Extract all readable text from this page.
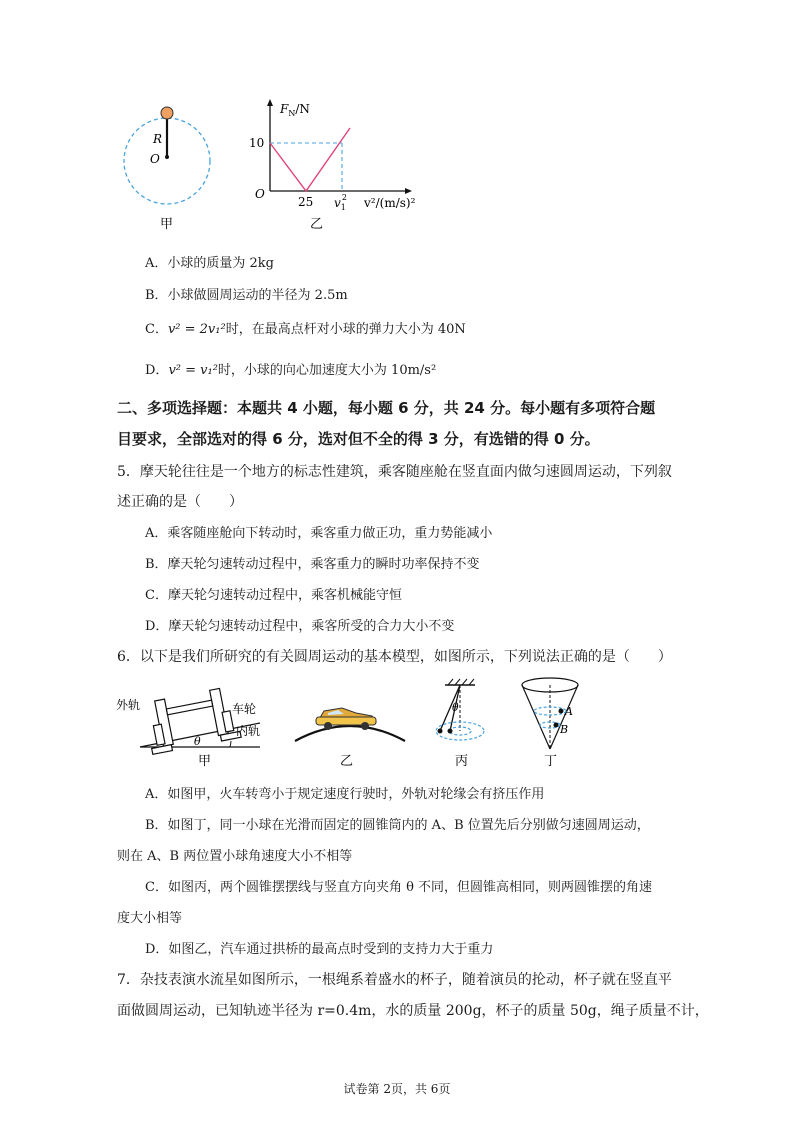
R
O
甲
$F_N/N$
10
O
25 $v_12$ v²/(m/s)²
乙
A．小球的质量为 2kg
B．小球做圆周运动的半径为 2.5m
C．v² = 2v₁²时，在最高点杆对小球的弹力大小为 40N
D．v² = v₁²时，小球的向心加速度大小为 10m/s²
二、多项选择题：本题共 4 小题，每小题 6 分，共 24 分。每小题有多项符合题
目要求，全部选对的得 6 分，选对但不全的得 3 分，有选错的得 0 分。
5．摩天轮往往是一个地方的标志性建筑，乘客随座舱在竖直面内做匀速圆周运动，下列叙
述正确的是（　　）
A．乘客随座舱向下转动时，乘客重力做正功，重力势能减小
B．摩天轮匀速转动过程中，乘客重力的瞬时功率保持不变
C．摩天轮匀速转动过程中，乘客机械能守恒
D．摩天轮匀速转动过程中，乘客所受的合力大小不变
6．以下是我们所研究的有关圆周运动的基本模型，如图所示，下列说法正确的是（　　）
外轨	车轮
内轨
θ
甲	乙
θ
丙
A
B
丁
A．如图甲，火车转弯小于规定速度行驶时，外轨对轮缘会有挤压作用
B．如图丁，同一小球在光滑而固定的圆锥筒内的 A、B 位置先后分别做匀速圆周运动，
则在 A、B 两位置小球角速度大小不相等
C．如图丙，两个圆锥摆摆线与竖直方向夹角 θ 不同，但圆锥高相同，则两圆锥摆的角速
度大小相等
D．如图乙，汽车通过拱桥的最高点时受到的支持力大于重力
7．杂技表演水流星如图所示，一根绳系着盛水的杯子，随着演员的抡动，杯子就在竖直平
面做圆周运动，已知轨迹半径为 r=0.4m，水的质量 200g，杯子的质量 50g，绳子质量不计，
试卷第 2页，共 6页
